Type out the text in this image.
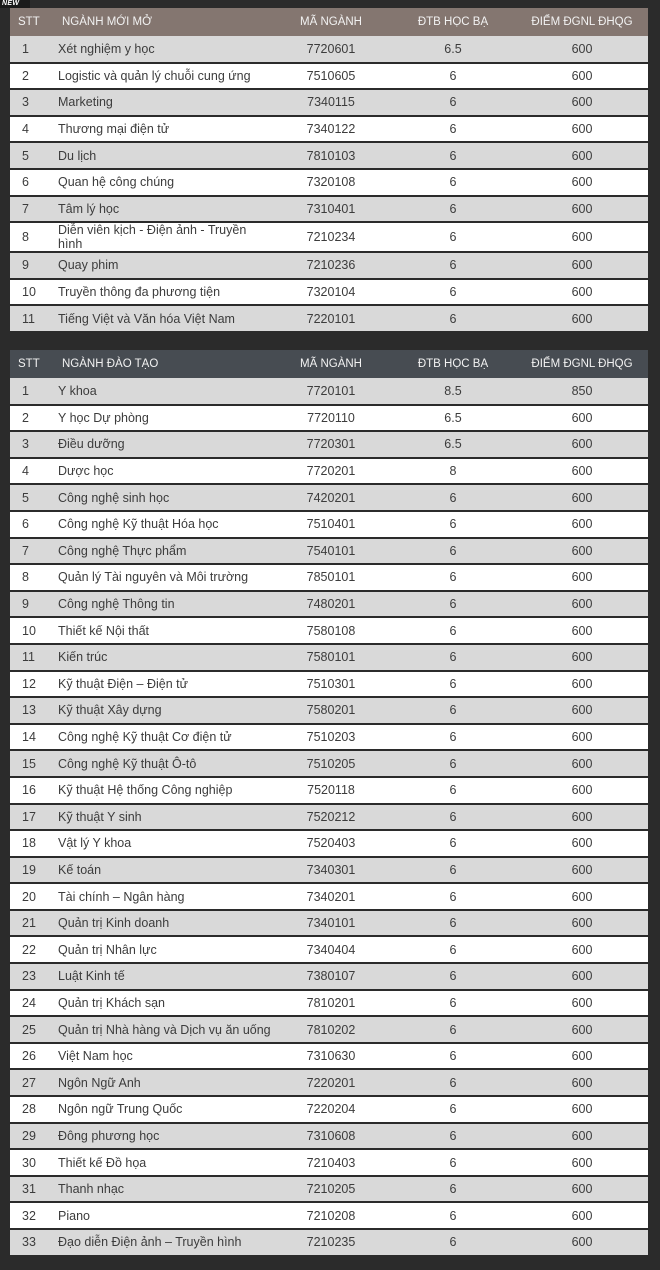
NEW
STT	NGÀNH MỚI MỞ	MÃ NGÀNH	ĐTB HỌC BẠ	ĐIỂM ĐGNL ĐHQG
1	Xét nghiệm y học	7720601	6.5	600
2	Logistic và quản lý chuỗi cung ứng	7510605	6	600
3	Marketing	7340115	6	600
4	Thương mại điện tử	7340122	6	600
5	Du lịch	7810103	6	600
6	Quan hệ công chúng	7320108	6	600
7	Tâm lý học	7310401	6	600
8	Diễn viên kịch - Điện ảnh - Truyền hình	7210234	6	600
9	Quay phim	7210236	6	600
10	Truyền thông đa phương tiện	7320104	6	600
11	Tiếng Việt và Văn hóa Việt Nam	7220101	6	600
STT	NGÀNH ĐÀO TẠO	MÃ NGÀNH	ĐTB HỌC BẠ	ĐIỂM ĐGNL ĐHQG
1	Y khoa	7720101	8.5	850
2	Y học Dự phòng	7720110	6.5	600
3	Điều dưỡng	7720301	6.5	600
4	Dược học	7720201	8	600
5	Công nghệ sinh học	7420201	6	600
6	Công nghệ Kỹ thuật Hóa học	7510401	6	600
7	Công nghệ Thực phẩm	7540101	6	600
8	Quản lý Tài nguyên và Môi trường	7850101	6	600
9	Công nghệ Thông tin	7480201	6	600
10	Thiết kế Nội thất	7580108	6	600
11	Kiến trúc	7580101	6	600
12	Kỹ thuật Điện – Điện tử	7510301	6	600
13	Kỹ thuật Xây dựng	7580201	6	600
14	Công nghệ Kỹ thuật Cơ điện tử	7510203	6	600
15	Công nghệ Kỹ thuật Ô-tô	7510205	6	600
16	Kỹ thuật Hệ thống Công nghiệp	7520118	6	600
17	Kỹ thuật Y sinh	7520212	6	600
18	Vật lý Y khoa	7520403	6	600
19	Kế toán	7340301	6	600
20	Tài chính – Ngân hàng	7340201	6	600
21	Quản trị Kinh doanh	7340101	6	600
22	Quản trị Nhân lực	7340404	6	600
23	Luật Kinh tế	7380107	6	600
24	Quản trị Khách sạn	7810201	6	600
25	Quản trị Nhà hàng và Dịch vụ ăn uống	7810202	6	600
26	Việt Nam học	7310630	6	600
27	Ngôn Ngữ Anh	7220201	6	600
28	Ngôn ngữ Trung Quốc	7220204	6	600
29	Đông phương học	7310608	6	600
30	Thiết kế Đồ họa	7210403	6	600
31	Thanh nhạc	7210205	6	600
32	Piano	7210208	6	600
33	Đạo diễn Điện ảnh – Truyền hình	7210235	6	600
